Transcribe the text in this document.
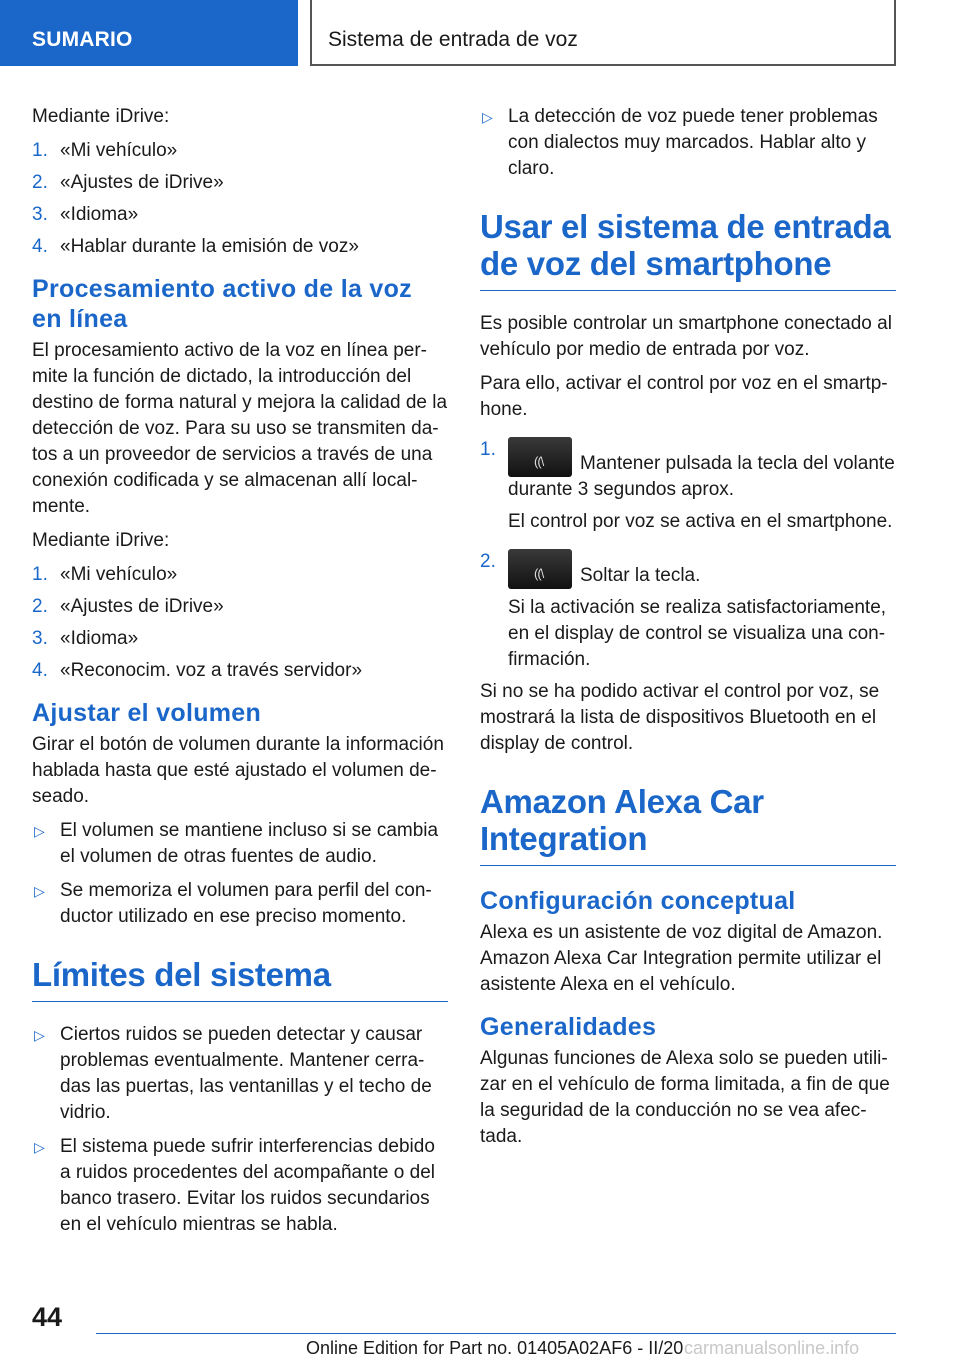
SUMARIO	Sistema de entrada de voz

Mediante iDrive:

1. «Mi vehículo»
2. «Ajustes de iDrive»
3. «Idioma»
4. «Hablar durante la emisión de voz»
Procesamiento activo de la voz en línea

El procesamiento activo de la voz en línea permite la función de dictado, la introducción del destino de forma natural y mejora la calidad de la detección de voz. Para su uso se transmiten datos a un proveedor de servicios a través de una conexión codificada y se almacenan allí localmente.

Mediante iDrive:

1. «Mi vehículo»
2. «Ajustes de iDrive»
3. «Idioma»
4. «Reconocim. voz a través servidor»
Ajustar el volumen

Girar el botón de volumen durante la información hablada hasta que esté ajustado el volumen deseado.

▷ El volumen se mantiene incluso si se cambia el volumen de otras fuentes de audio.
▷ Se memoriza el volumen para perfil del conductor utilizado en ese preciso momento.
Límites del sistema
▷ Ciertos ruidos se pueden detectar y causar problemas eventualmente. Mantener cerradas las puertas, las ventanillas y el techo de vidrio.
▷ El sistema puede sufrir interferencias debido a ruidos procedentes del acompañante o del banco trasero. Evitar los ruidos secundarios en el vehículo mientras se habla.
▷ La detección de voz puede tener problemas con dialectos muy marcados. Hablar alto y claro.
Usar el sistema de entrada de voz del smartphone

Es posible controlar un smartphone conectado al vehículo por medio de entrada por voz.

Para ello, activar el control por voz en el smartphone.

1.
((\ Mantener pulsada la tecla del volante durante 3 segundos aprox.
El control por voz se activa en el smartphone.
2.
((\ Soltar la tecla.
Si la activación se realiza satisfactoriamente, en el display de control se visualiza una confirmación.

Si no se ha podido activar el control por voz, se mostrará la lista de dispositivos Bluetooth en el display de control.

Amazon Alexa Car Integration
Configuración conceptual

Alexa es un asistente de voz digital de Amazon. Amazon Alexa Car Integration permite utilizar el asistente Alexa en el vehículo.

Generalidades

Algunas funciones de Alexa solo se pueden utilizar en el vehículo de forma limitada, a fin de que la seguridad de la conducción no se vea afectada.

44
Online Edition for Part no. 01405A02AF6 - II/20 carmanualsonline.info
